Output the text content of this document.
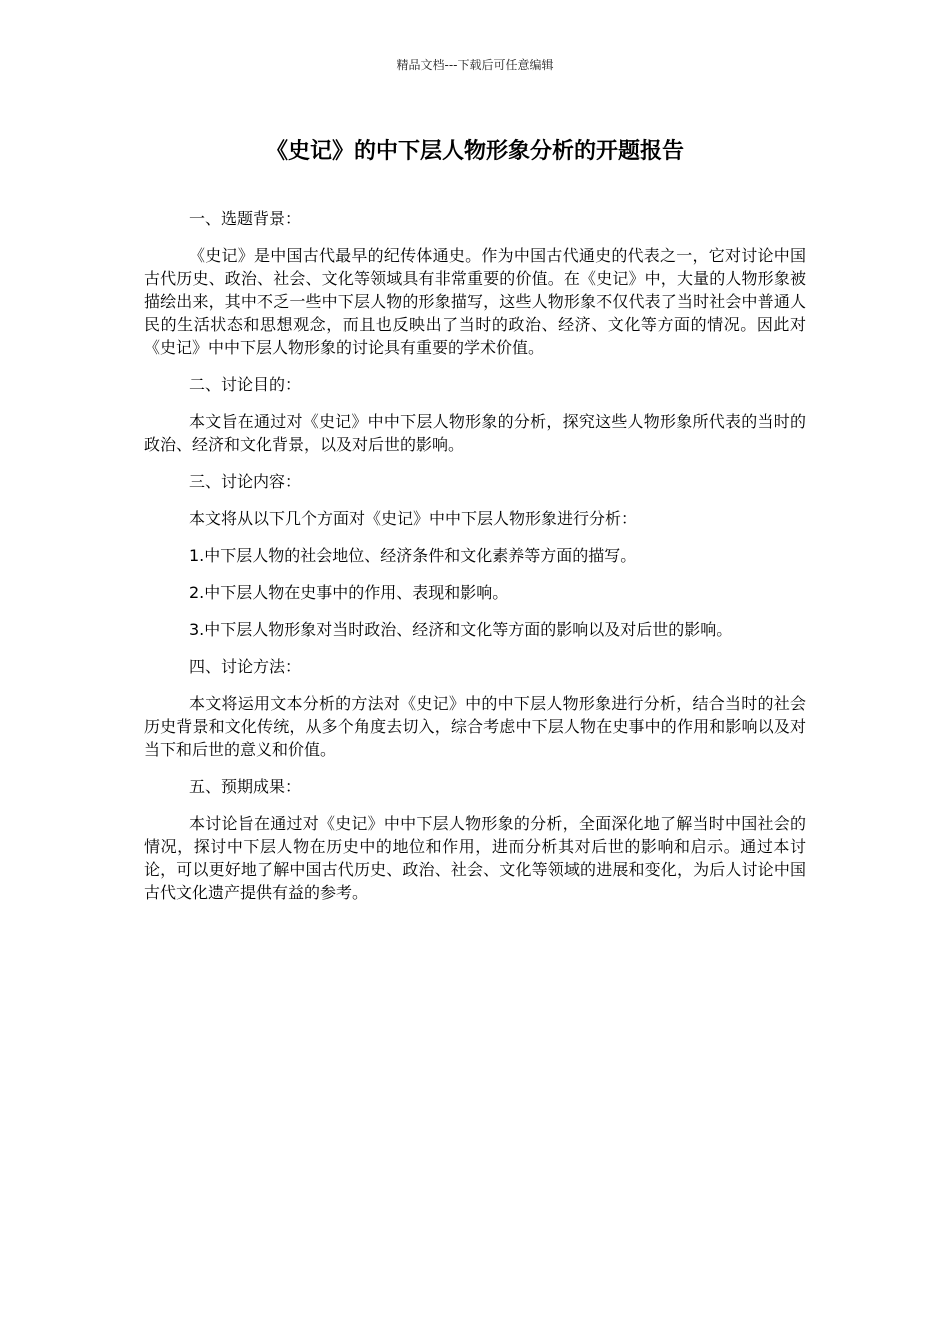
精品文档---下载后可任意编辑
《史记》的中下层人物形象分析的开题报告

一、选题背景：

《史记》是中国古代最早的纪传体通史。作为中国古代通史的代表之一，它对讨论中国古代历史、政治、社会、文化等领域具有非常重要的价值。在《史记》中，大量的人物形象被描绘出来，其中不乏一些中下层人物的形象描写，这些人物形象不仅代表了当时社会中普通人民的生活状态和思想观念，而且也反映出了当时的政治、经济、文化等方面的情况。因此对《史记》中中下层人物形象的讨论具有重要的学术价值。

二、讨论目的：

本文旨在通过对《史记》中中下层人物形象的分析，探究这些人物形象所代表的当时的政治、经济和文化背景，以及对后世的影响。

三、讨论内容：

本文将从以下几个方面对《史记》中中下层人物形象进行分析：

1.中下层人物的社会地位、经济条件和文化素养等方面的描写。

2.中下层人物在史事中的作用、表现和影响。

3.中下层人物形象对当时政治、经济和文化等方面的影响以及对后世的影响。

四、讨论方法：

本文将运用文本分析的方法对《史记》中的中下层人物形象进行分析，结合当时的社会历史背景和文化传统，从多个角度去切入，综合考虑中下层人物在史事中的作用和影响以及对当下和后世的意义和价值。

五、预期成果：

本讨论旨在通过对《史记》中中下层人物形象的分析，全面深化地了解当时中国社会的情况，探讨中下层人物在历史中的地位和作用，进而分析其对后世的影响和启示。通过本讨论，可以更好地了解中国古代历史、政治、社会、文化等领域的进展和变化，为后人讨论中国古代文化遗产提供有益的参考。
